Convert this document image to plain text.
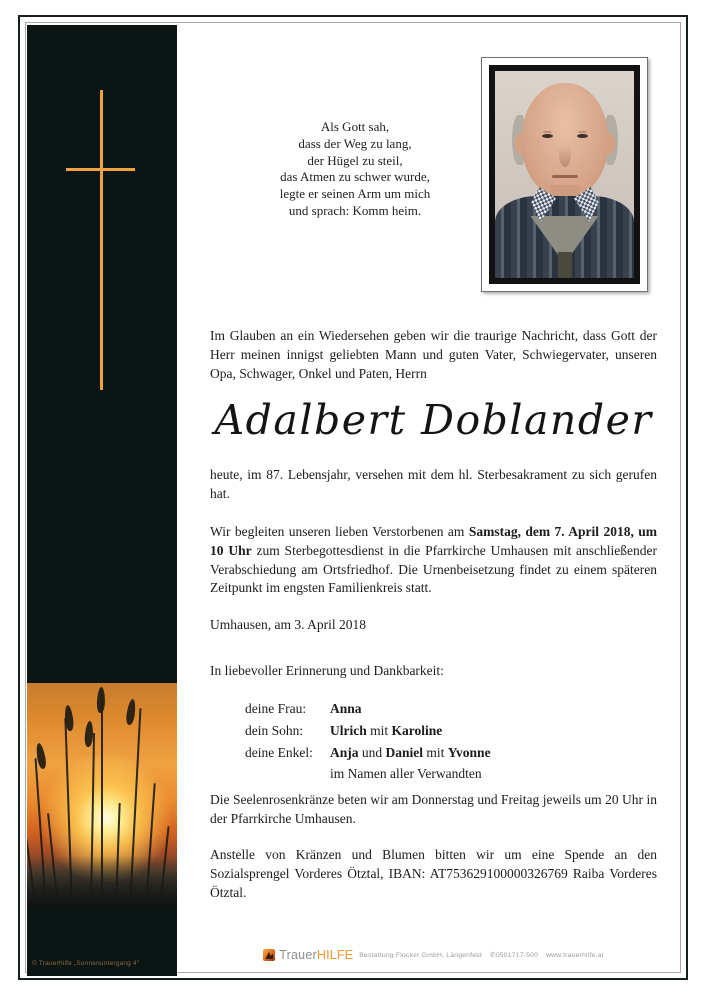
© Trauerhilfe „Sonnenuntergang 4“
Als Gott sah,
dass der Weg zu lang,
der Hügel zu steil,
das Atmen zu schwer wurde,
legte er seinen Arm um mich
und sprach: Komm heim.
Im Glauben an ein Wiedersehen geben wir die traurige Nachricht, dass Gott der Herr meinen innigst geliebten Mann und guten Vater, Schwiegervater, unseren Opa, Schwager, Onkel und Paten, Herrn
Adalbert Doblander
heute, im 87. Lebensjahr, versehen mit dem hl. Sterbesakrament zu sich gerufen hat.
Wir begleiten unseren lieben Verstorbenen am Samstag, dem 7. April 2018, um 10 Uhr zum Sterbegottesdienst in die Pfarrkirche Umhausen mit anschließender Verabschiedung am Ortsfriedhof. Die Urnenbeisetzung findet zu einem späteren Zeitpunkt im engsten Familienkreis statt.
Umhausen, am 3. April 2018
In liebevoller Erinnerung und Dankbarkeit:
deine Frau:	Anna
dein Sohn:	Ulrich mit Karoline
deine Enkel:	Anja und Daniel mit Yvonne
im Namen aller Verwandten
Die Seelenrosenkränze beten wir am Donnerstag und Freitag jeweils um 20 Uhr in der Pfarrkirche Umhausen.
Anstelle von Kränzen und Blumen bitten wir um eine Spende an den Sozialsprengel Vorderes Ötztal, IBAN: AT753629100000326769 Raiba Vorderes Ötztal.
TrauerHILFE Bestattung Flocker GmbH, Längenfeld ✆0501717-500 www.trauerhilfe.at
